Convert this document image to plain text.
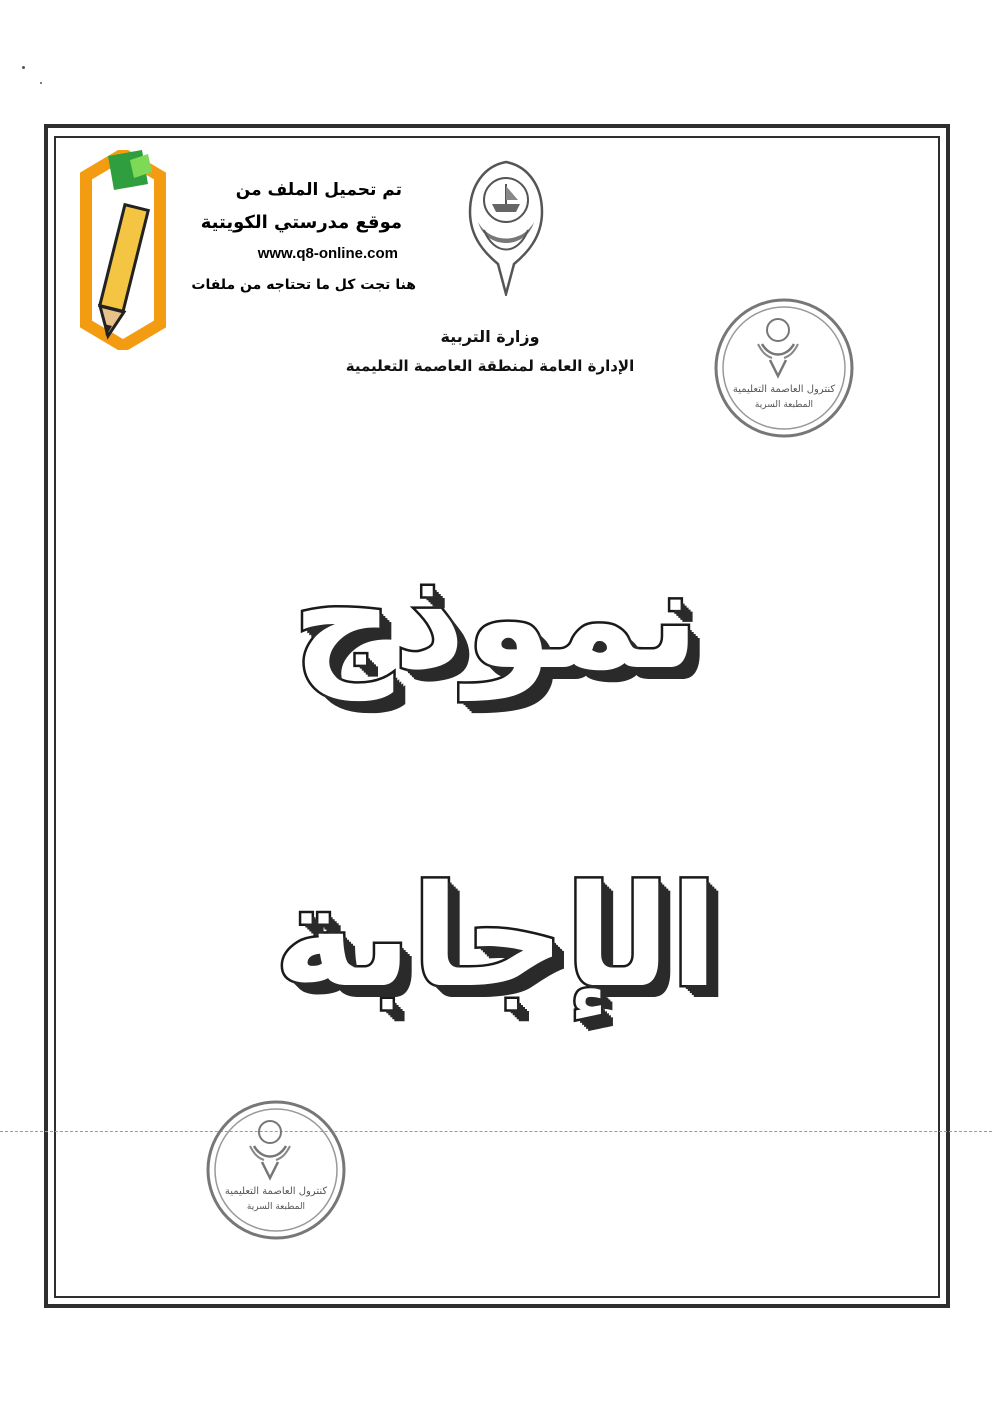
تم تحميل الملف من
موقع مدرستي الكويتية
www.q8-online.com
هنا تجت كل ما تحتاجه من ملفات
وزارة التربية
الإدارة العامة لمنطقة العاصمة التعليمية
كنترول العاصمة التعليمية
المطبعة السرية
نموذج
الإجابة
كنترول العاصمة التعليمية
المطبعة السرية
